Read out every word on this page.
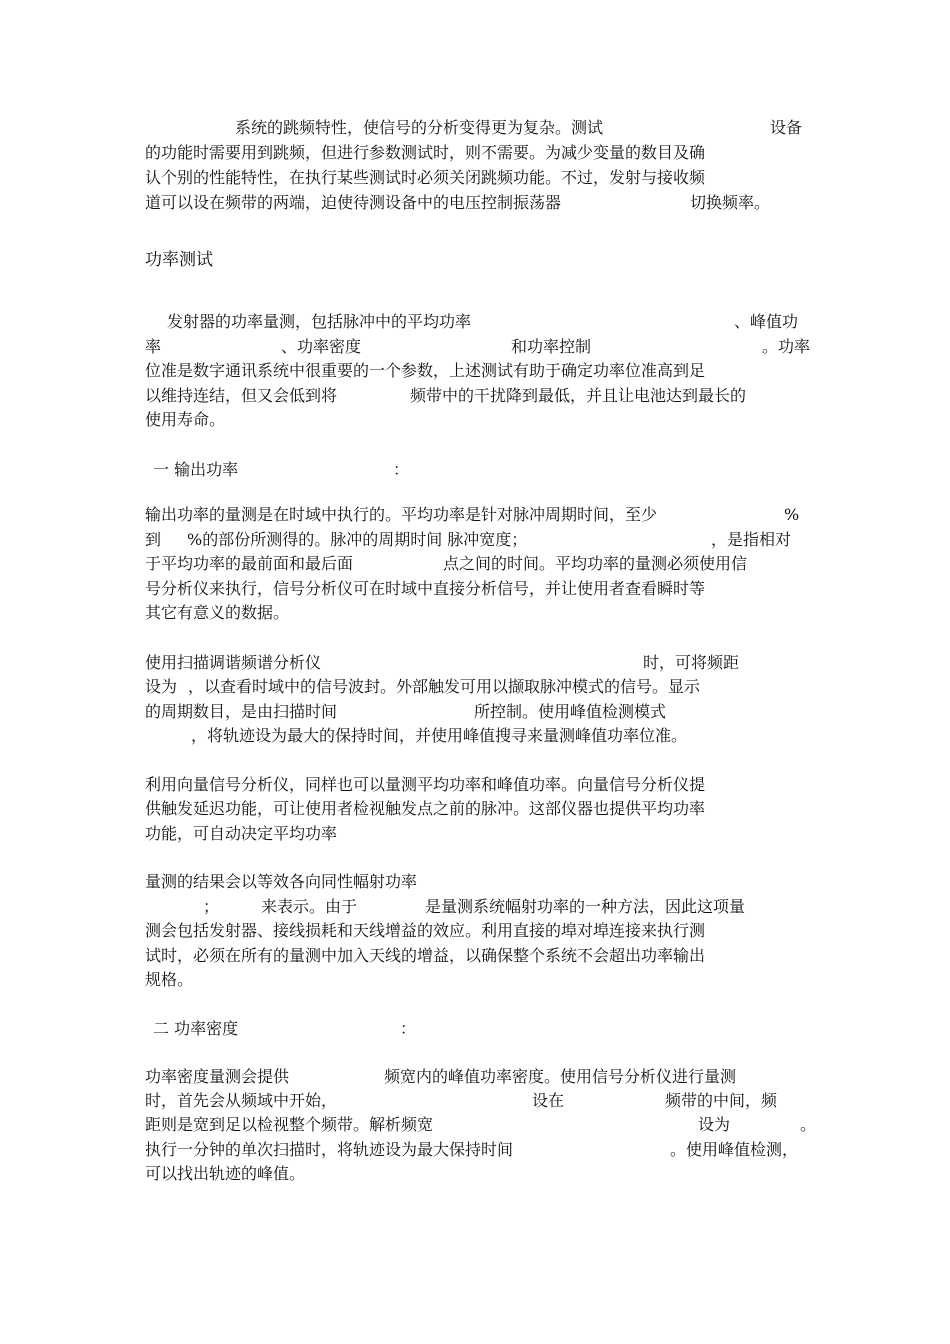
系统的跳频特性，使信号的分析变得更为复杂。测试	设备
的功能时需要用到跳频，但进行参数测试时，则不需要。为减少变量的数目及确
认个别的性能特性，在执行某些测试时必须关闭跳频功能。不过，发射与接收频
道可以设在频带的两端，迫使待测设备中的电压控制振荡器	切换频率。
功率测试
发射器的功率量测，包括脉冲中的平均功率	、峰值功
率	、功率密度	和功率控制	。功率
位准是数字通讯系统中很重要的一个参数，上述测试有助于确定功率位准高到足
以维持连结，但又会低到将	频带中的干扰降到最低，并且让电池达到最长的
使用寿命。
一 输出功率	：
输出功率的量测是在时域中执行的。平均功率是针对脉冲周期时间，至少	%
到 %的部份所测得的。脉冲的周期时间 脉冲宽度；	，是指相对
于平均功率的最前面和最后面	点之间的时间。平均功率的量测必须使用信
号分析仪来执行，信号分析仪可在时域中直接分析信号，并让使用者查看瞬时等
其它有意义的数据。
使用扫描调谐频谱分析仪	时，可将频距
设为 ，以查看时域中的信号波封。外部触发可用以撷取脉冲模式的信号。显示
的周期数目，是由扫描时间	所控制。使用峰值检测模式
，将轨迹设为最大的保持时间，并使用峰值搜寻来量测峰值功率位准。
利用向量信号分析仪，同样也可以量测平均功率和峰值功率。向量信号分析仪提
供触发延迟功能，可让使用者检视触发点之前的脉冲。这部仪器也提供平均功率
功能，可自动决定平均功率
量测的结果会以等效各向同性幅射功率
；	来表示。由于	是量测系统幅射功率的一种方法，因此这项量
测会包括发射器、接线损耗和天线增益的效应。利用直接的埠对埠连接来执行测
试时，必须在所有的量测中加入天线的增益，以确保整个系统不会超出功率输出
规格。
二 功率密度	：
功率密度量测会提供	频宽内的峰值功率密度。使用信号分析仪进行量测
时，首先会从频域中开始，	设在	频带的中间，频
距则是宽到足以检视整个频带。解析频宽	设为	。
执行一分钟的单次扫描时，将轨迹设为最大保持时间	。使用峰值检测，
可以找出轨迹的峰值。
